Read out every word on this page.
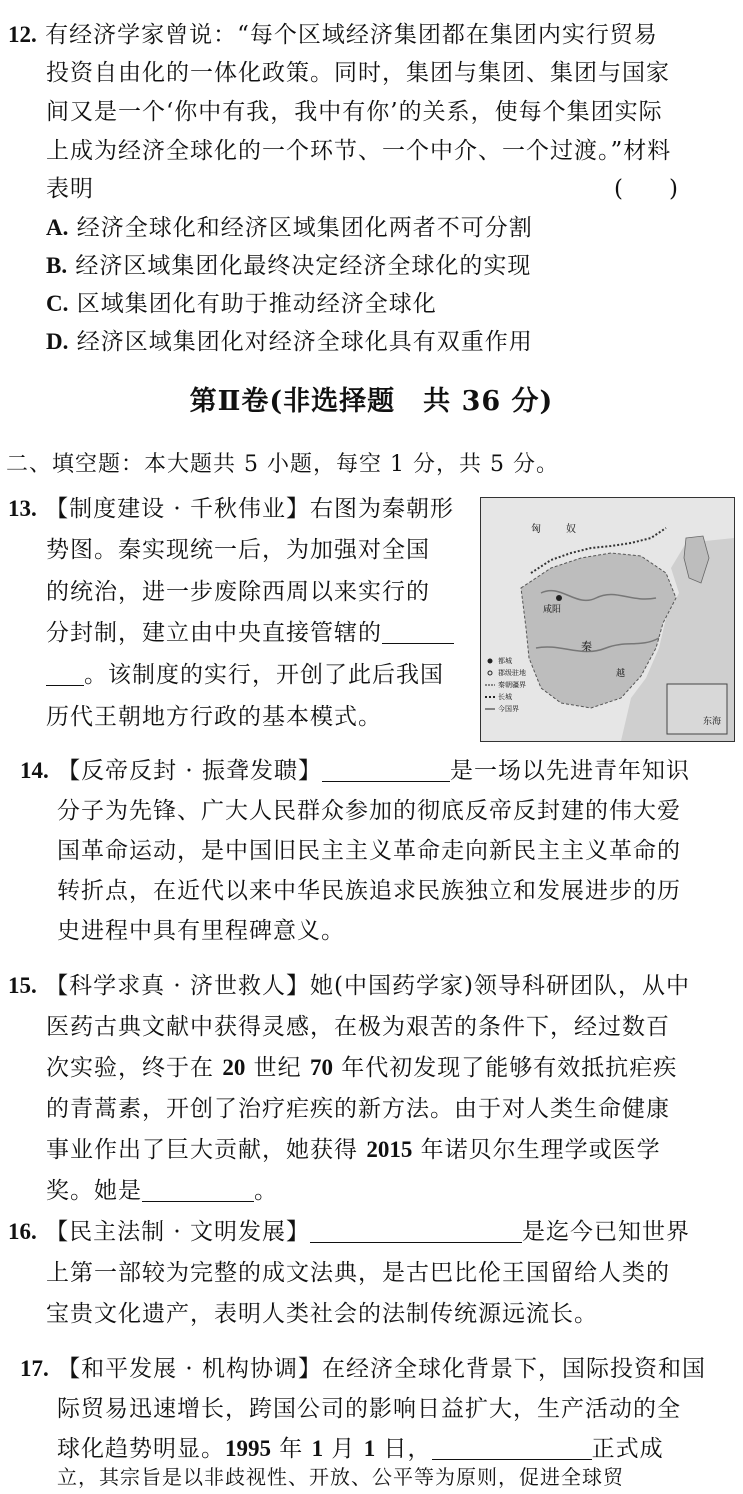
12. 有经济学家曾说：“每个区域经济集团都在集团内实行贸易
投资自由化的一体化政策。同时，集团与集团、集团与国家
间又是一个‘你中有我，我中有你’的关系，使每个集团实际
上成为经济全球化的一个环节、一个中介、一个过渡。”材料
表明	(　　)
A. 经济全球化和经济区域集团化两者不可分割
B. 经济区域集团化最终决定经济全球化的实现
C. 区域集团化有助于推动经济全球化
D. 经济区域集团化对经济全球化具有双重作用
第Ⅱ卷(非选择题　共 36 分)
二、填空题：本大题共 5 小题，每空 1 分，共 5 分。
13. 【制度建设 · 千秋伟业】右图为秦朝形
势图。秦实现统一后，为加强对全国
的统治，进一步废除西周以来实行的
分封制，建立由中央直接管辖的
。该制度的实行，开创了此后我国
历代王朝地方行政的基本模式。
匈	奴
咸阳
秦
越
东海
都城
郡级驻地
秦朝疆界
长城
今国界
14. 【反帝反封 · 振聋发聩】	是一场以先进青年知识
分子为先锋、广大人民群众参加的彻底反帝反封建的伟大爱
国革命运动，是中国旧民主主义革命走向新民主主义革命的
转折点，在近代以来中华民族追求民族独立和发展进步的历
史进程中具有里程碑意义。
15. 【科学求真 · 济世救人】她(中国药学家)领导科研团队，从中
医药古典文献中获得灵感，在极为艰苦的条件下，经过数百
次实验，终于在 20 世纪 70 年代初发现了能够有效抵抗疟疾
的青蒿素，开创了治疗疟疾的新方法。由于对人类生命健康
事业作出了巨大贡献，她获得 2015 年诺贝尔生理学或医学
奖。她是	。
16. 【民主法制 · 文明发展】	是迄今已知世界
上第一部较为完整的成文法典，是古巴比伦王国留给人类的
宝贵文化遗产，表明人类社会的法制传统源远流长。
17. 【和平发展 · 机构协调】在经济全球化背景下，国际投资和国
际贸易迅速增长，跨国公司的影响日益扩大，生产活动的全
球化趋势明显。1995 年 1 月 1 日，	正式成
立，其宗旨是以非歧视性、开放、公平等为原则，促进全球贸
